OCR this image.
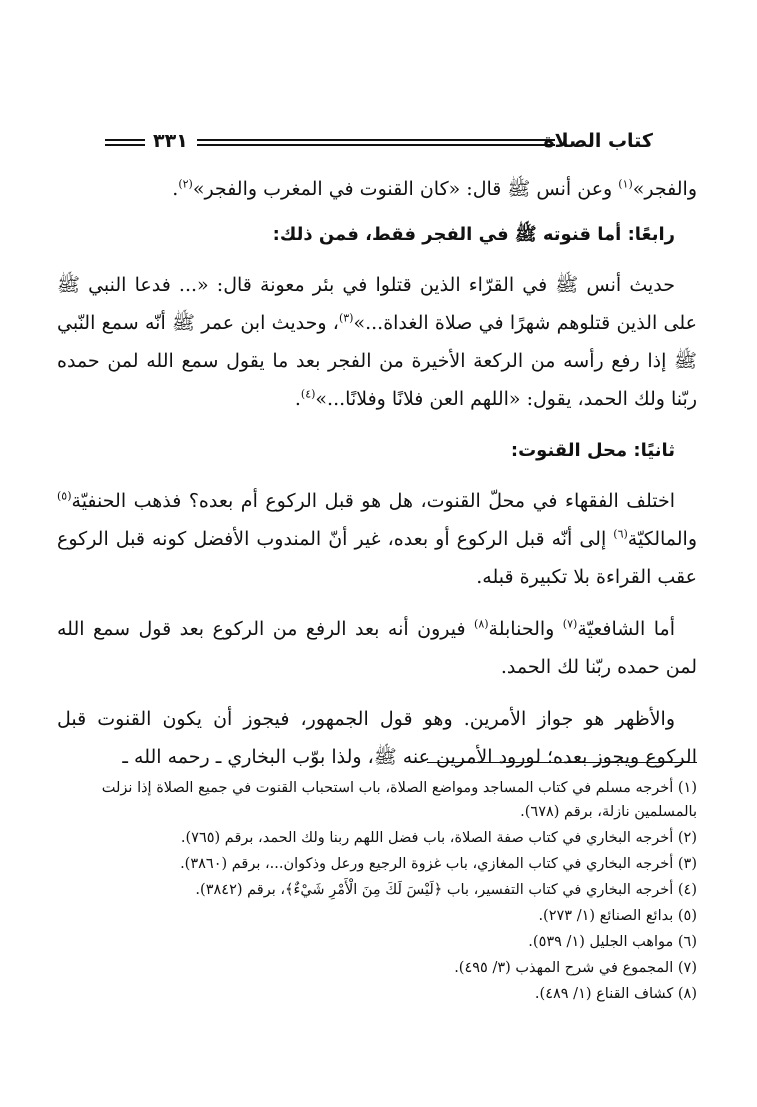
٣٣١	كتاب الصلاة

والفجر»$^{(١)}$ وعن أنس ﷺ قال: «كان القنوت في المغرب والفجر»$^{(٢)}$.

رابعًا: أما قنوته ﷺ في الفجر فقط، فمن ذلك:

حديث أنس ﷺ في القرّاء الذين قتلوا في بئر معونة قال: «... فدعا النبي ﷺ على الذين قتلوهم شهرًا في صلاة الغداة...»$^{(٣)}$، وحديث ابن عمر ﷺ أنّه سمع النّبي ﷺ إذا رفع رأسه من الركعة الأخيرة من الفجر بعد ما يقول سمع الله لمن حمده ربّنا ولك الحمد، يقول: «اللهم العن فلانًا وفلانًا...»$^{(٤)}$.

ثانيًا: محل القنوت:

اختلف الفقهاء في محلّ القنوت، هل هو قبل الركوع أم بعده؟ فذهب الحنفيّة$^{(٥)}$ والمالكيّة$^{(٦)}$ إلى أنّه قبل الركوع أو بعده، غير أنّ المندوب الأفضل كونه قبل الركوع عقب القراءة بلا تكبيرة قبله.

أما الشافعيّة$^{(٧)}$ والحنابلة$^{(٨)}$ فيرون أنه بعد الرفع من الركوع بعد قول سمع الله لمن حمده ربّنا لك الحمد.

والأظهر هو جواز الأمرين. وهو قول الجمهور، فيجوز أن يكون القنوت قبل الركوع ويجوز بعده؛ لورود الأمرين عنه ﷺ، ولذا بوّب البخاري ـ رحمه الله ـ

(١) أخرجه مسلم في كتاب المساجد ومواضع الصلاة، باب استحباب القنوت في جميع الصلاة إذا نزلت بالمسلمين نازلة، برقم (٦٧٨).

(٢) أخرجه البخاري في كتاب صفة الصلاة، باب فضل اللهم ربنا ولك الحمد، برقم (٧٦٥).

(٣) أخرجه البخاري في كتاب المغازي، باب غزوة الرجيع ورعل وذكوان...، برقم (٣٨٦٠).

(٤) أخرجه البخاري في كتاب التفسير، باب ﴿لَيْسَ لَكَ مِنَ الْأَمْرِ شَيْءٌ﴾، برقم (٣٨٤٢).

(٥) بدائع الصنائع (١/ ٢٧٣).

(٦) مواهب الجليل (١/ ٥٣٩).

(٧) المجموع في شرح المهذب (٣/ ٤٩٥).

(٨) كشاف القناع (١/ ٤٨٩).
